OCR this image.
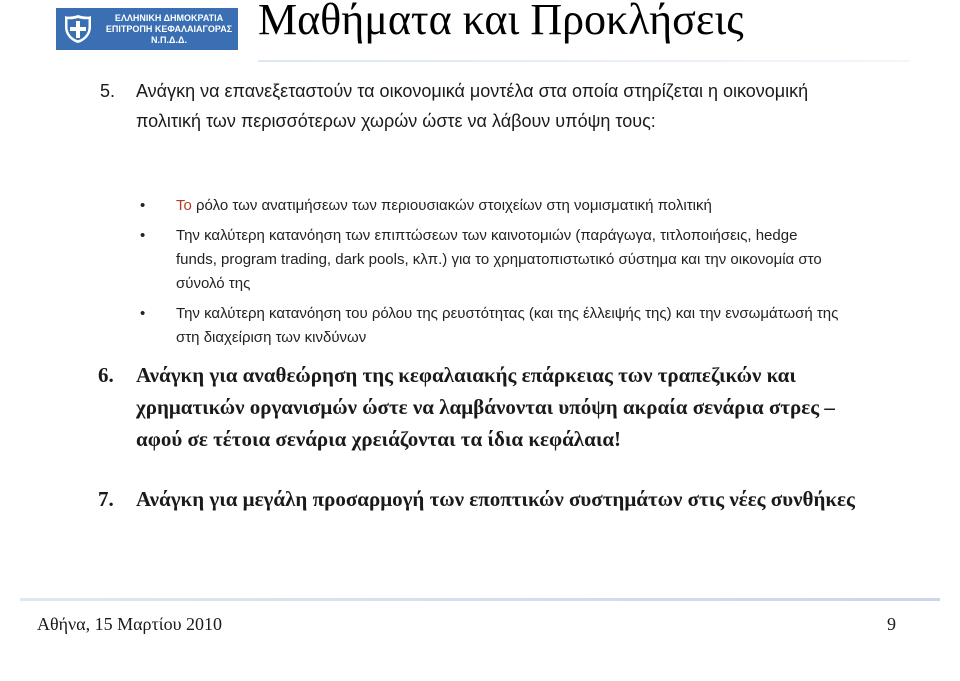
ΕΛΛΗΝΙΚΗ ΔΗΜΟΚΡΑΤΙΑ
ΕΠΙΤΡΟΠΗ ΚΕΦΑΛΑΙΑΓΟΡΑΣ
Ν.Π.Δ.Δ.	Μαθήματα και Προκλήσεις
5.	Ανάγκη να επανεξεταστούν τα οικονομικά μοντέλα στα οποία στηρίζεται η οικονομική πολιτική των περισσότερων χωρών ώστε να λάβουν υπόψη τους:
• Το ρόλο των ανατιμήσεων των περιουσιακών στοιχείων στη νομισματική πολιτική
• Την καλύτερη κατανόηση των επιπτώσεων των καινοτομιών (παράγωγα, τιτλοποιήσεις, hedge funds, program trading, dark pools, κλπ.) για το χρηματοπιστωτικό σύστημα και την οικονομία στο σύνολό της
• Την καλύτερη κατανόηση του ρόλου της ρευστότητας (και της έλλειψής της) και την ενσωμάτωσή της στη διαχείριση των κινδύνων
6.	Ανάγκη για αναθεώρηση της κεφαλαιακής επάρκειας των τραπεζικών και χρηματικών οργανισμών ώστε να λαμβάνονται υπόψη ακραία σενάρια στρες – αφού σε τέτοια σενάρια χρειάζονται τα ίδια κεφάλαια!
7.	Ανάγκη για μεγάλη προσαρμογή των εποπτικών συστημάτων στις νέες συνθήκες
Αθήνα, 15 Μαρτίου 2010	9
